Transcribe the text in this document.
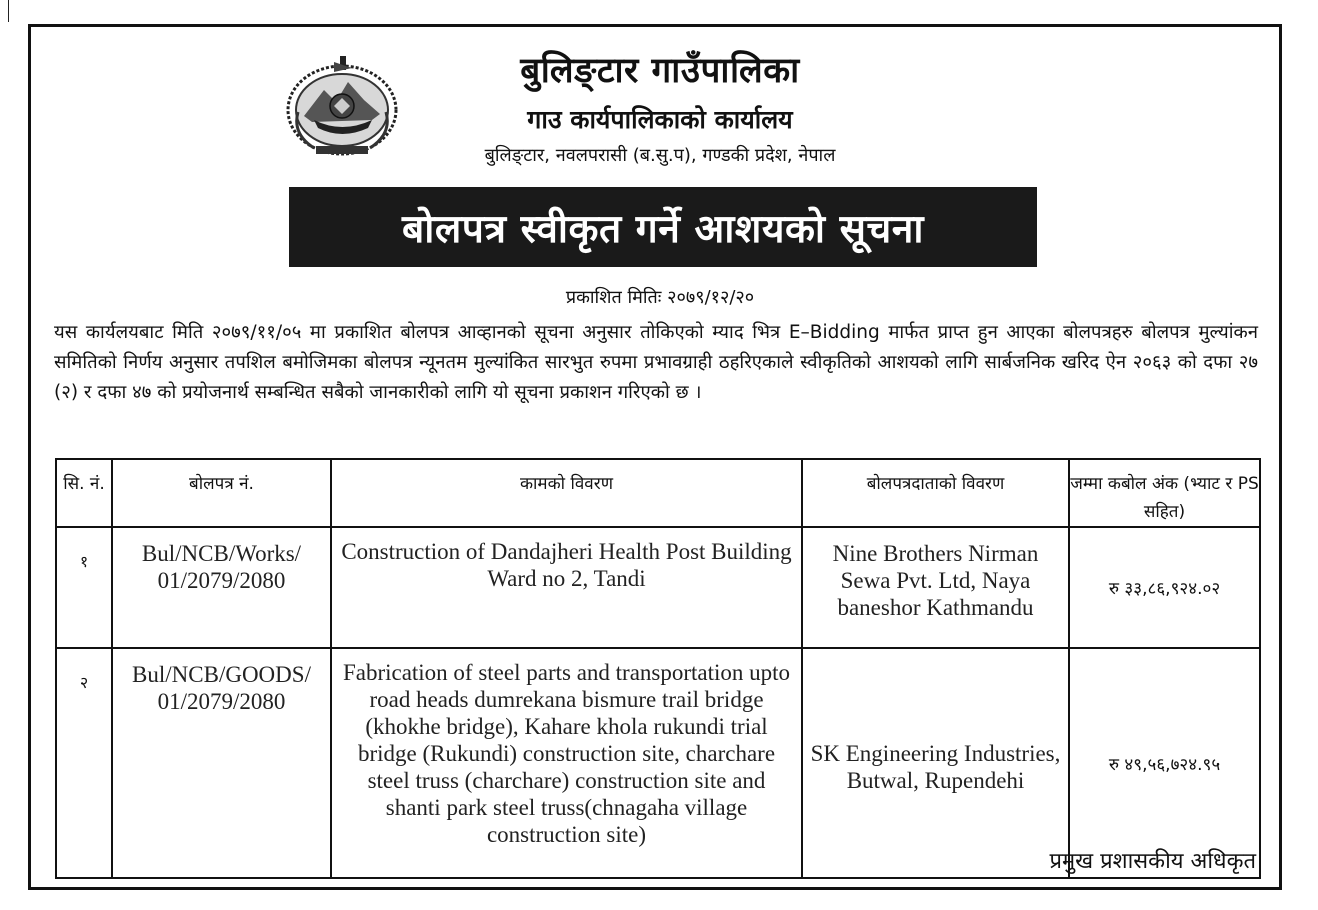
बुलिङ्टार गाउँपालिका
गाउ कार्यपालिकाको कार्यालय
बुलिङ्टार, नवलपरासी (ब.सु.प), गण्डकी प्रदेश, नेपाल
बोलपत्र स्वीकृत गर्ने आशयको सूचना
प्रकाशित मितिः २०७९/१२/२०
यस कार्यलयबाट मिति २०७९/११/०५ मा प्रकाशित बोलपत्र आव्हानको सूचना अनुसार तोकिएको म्याद भित्र E–Bidding मार्फत प्राप्त हुन आएका बोलपत्रहरु बोलपत्र मुल्यांकन समितिको निर्णय अनुसार तपशिल बमोजिमका बोलपत्र न्यूनतम मुल्यांकित सारभुत रुपमा प्रभावग्राही ठहरिएकाले स्वीकृतिको आशयको लागि सार्बजनिक खरिद ऐन २०६३ को दफा २७ (२) र दफा ४७ को प्रयोजनार्थ सम्बन्धित सबैको जानकारीको लागि यो सूचना प्रकाशन गरिएको छ ।
सि. नं.	बोलपत्र नं.	कामको विवरण	बोलपत्रदाताको विवरण	जम्मा कबोल अंक (भ्याट र PS सहित)
१	Bul/NCB/Works/ 01/2079/2080	Construction of Dandajheri Health Post Building Ward no 2, Tandi	Nine Brothers Nirman Sewa Pvt. Ltd, Naya baneshor Kathmandu	रु ३३,८६,९२४.०२
२	Bul/NCB/GOODS/ 01/2079/2080	Fabrication of steel parts and transportation upto road heads dumrekana bismure trail bridge (khokhe bridge), Kahare khola rukundi trial bridge (Rukundi) construction site, charchare steel truss (charchare) construction site and shanti park steel truss(chnagaha village construction site)	SK Engineering Industries, Butwal, Rupendehi	रु ४९,५६,७२४.९५
प्रमुख प्रशासकीय अधिकृत
